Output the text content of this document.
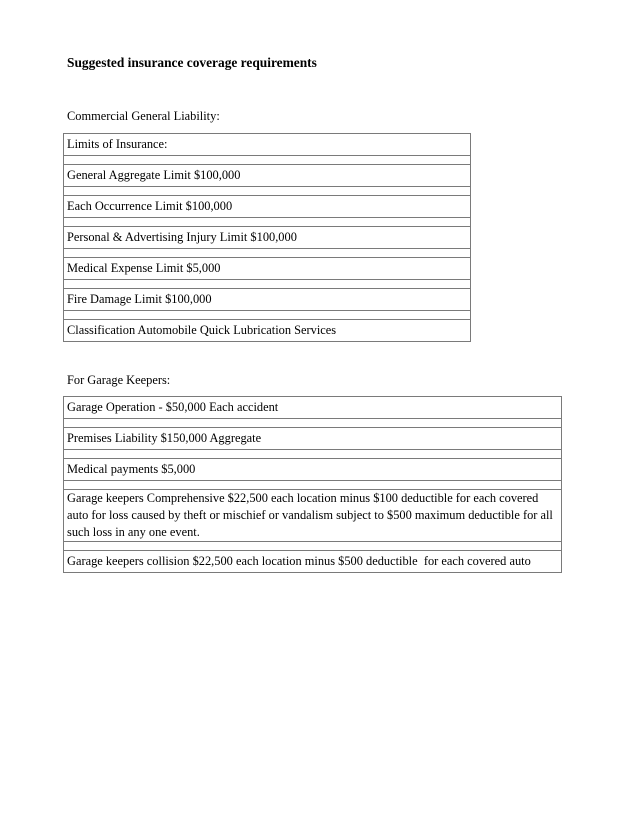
Suggested insurance coverage requirements

Commercial General Liability:

Limits of Insurance:

General Aggregate Limit $100,000

Each Occurrence Limit $100,000

Personal & Advertising Injury Limit $100,000

Medical Expense Limit $5,000

Fire Damage Limit $100,000

Classification Automobile Quick Lubrication Services

For Garage Keepers:

Garage Operation - $50,000 Each accident

Premises Liability $150,000 Aggregate

Medical payments $5,000

Garage keepers Comprehensive $22,500 each location minus $100 deductible for each covered auto for loss caused by theft or mischief or vandalism subject to $500 maximum deductible for all such loss in any one event.

Garage keepers collision $22,500 each location minus $500 deductible  for each covered auto
